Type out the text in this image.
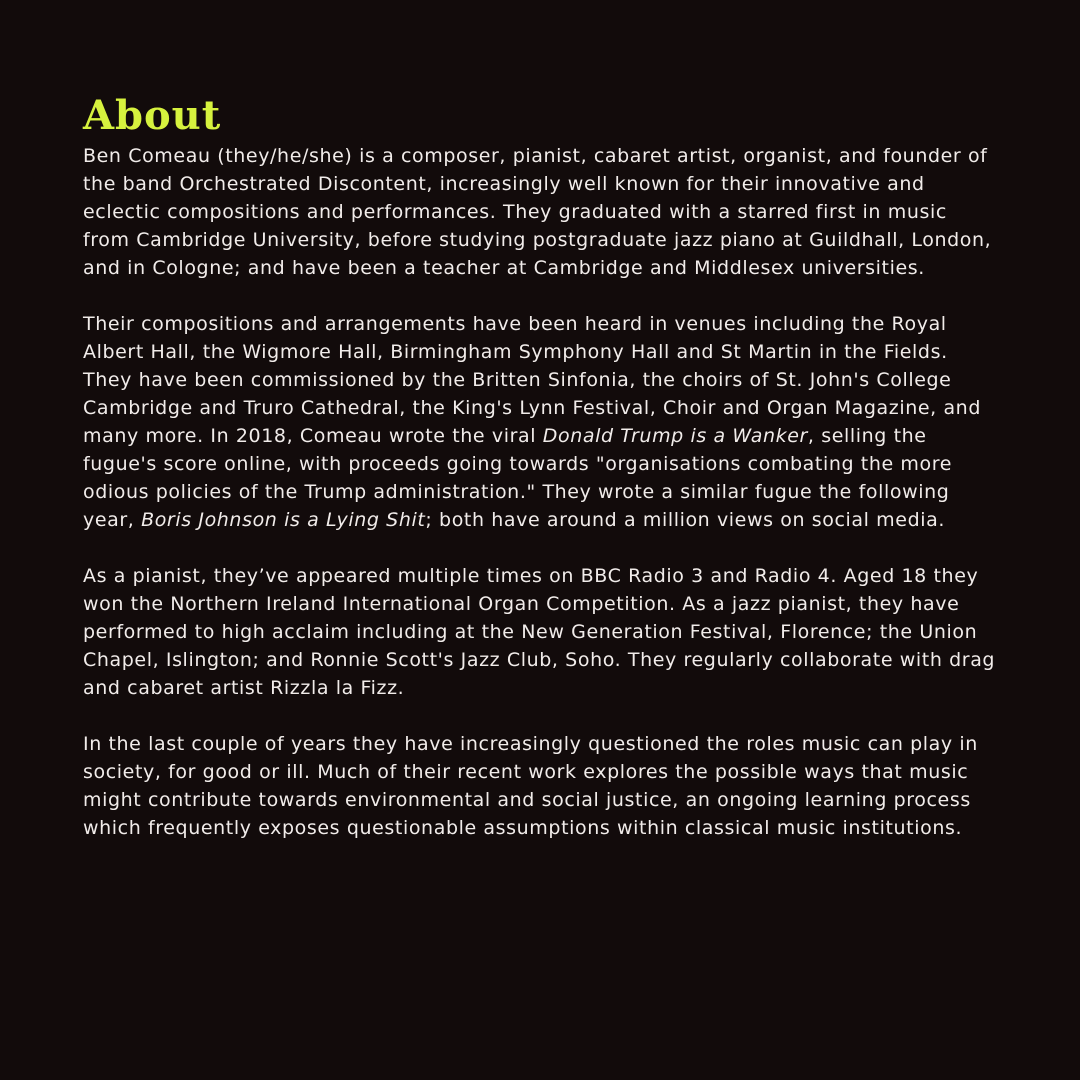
About

Ben Comeau (they/he/she) is a composer, pianist, cabaret artist, organist, and founder of the band Orchestrated Discontent, increasingly well known for their innovative and eclectic compositions and performances. They graduated with a starred first in music from Cambridge University, before studying postgraduate jazz piano at Guildhall, London, and in Cologne; and have been a teacher at Cambridge and Middlesex universities.

Their compositions and arrangements have been heard in venues including the Royal Albert Hall, the Wigmore Hall, Birmingham Symphony Hall and St Martin in the Fields. They have been commissioned by the Britten Sinfonia, the choirs of St. John's College Cambridge and Truro Cathedral, the King's Lynn Festival, Choir and Organ Magazine, and many more. In 2018, Comeau wrote the viral Donald Trump is a Wanker, selling the fugue's score online, with proceeds going towards "organisations combating the more odious policies of the Trump administration." They wrote a similar fugue the following year, Boris Johnson is a Lying Shit; both have around a million views on social media.

As a pianist, they’ve appeared multiple times on BBC Radio 3 and Radio 4. Aged 18 they won the Northern Ireland International Organ Competition. As a jazz pianist, they have performed to high acclaim including at the New Generation Festival, Florence; the Union Chapel, Islington; and Ronnie Scott's Jazz Club, Soho. They regularly collaborate with drag and cabaret artist Rizzla la Fizz.

In the last couple of years they have increasingly questioned the roles music can play in society, for good or ill. Much of their recent work explores the possible ways that music might contribute towards environmental and social justice, an ongoing learning process which frequently exposes questionable assumptions within classical music institutions.
